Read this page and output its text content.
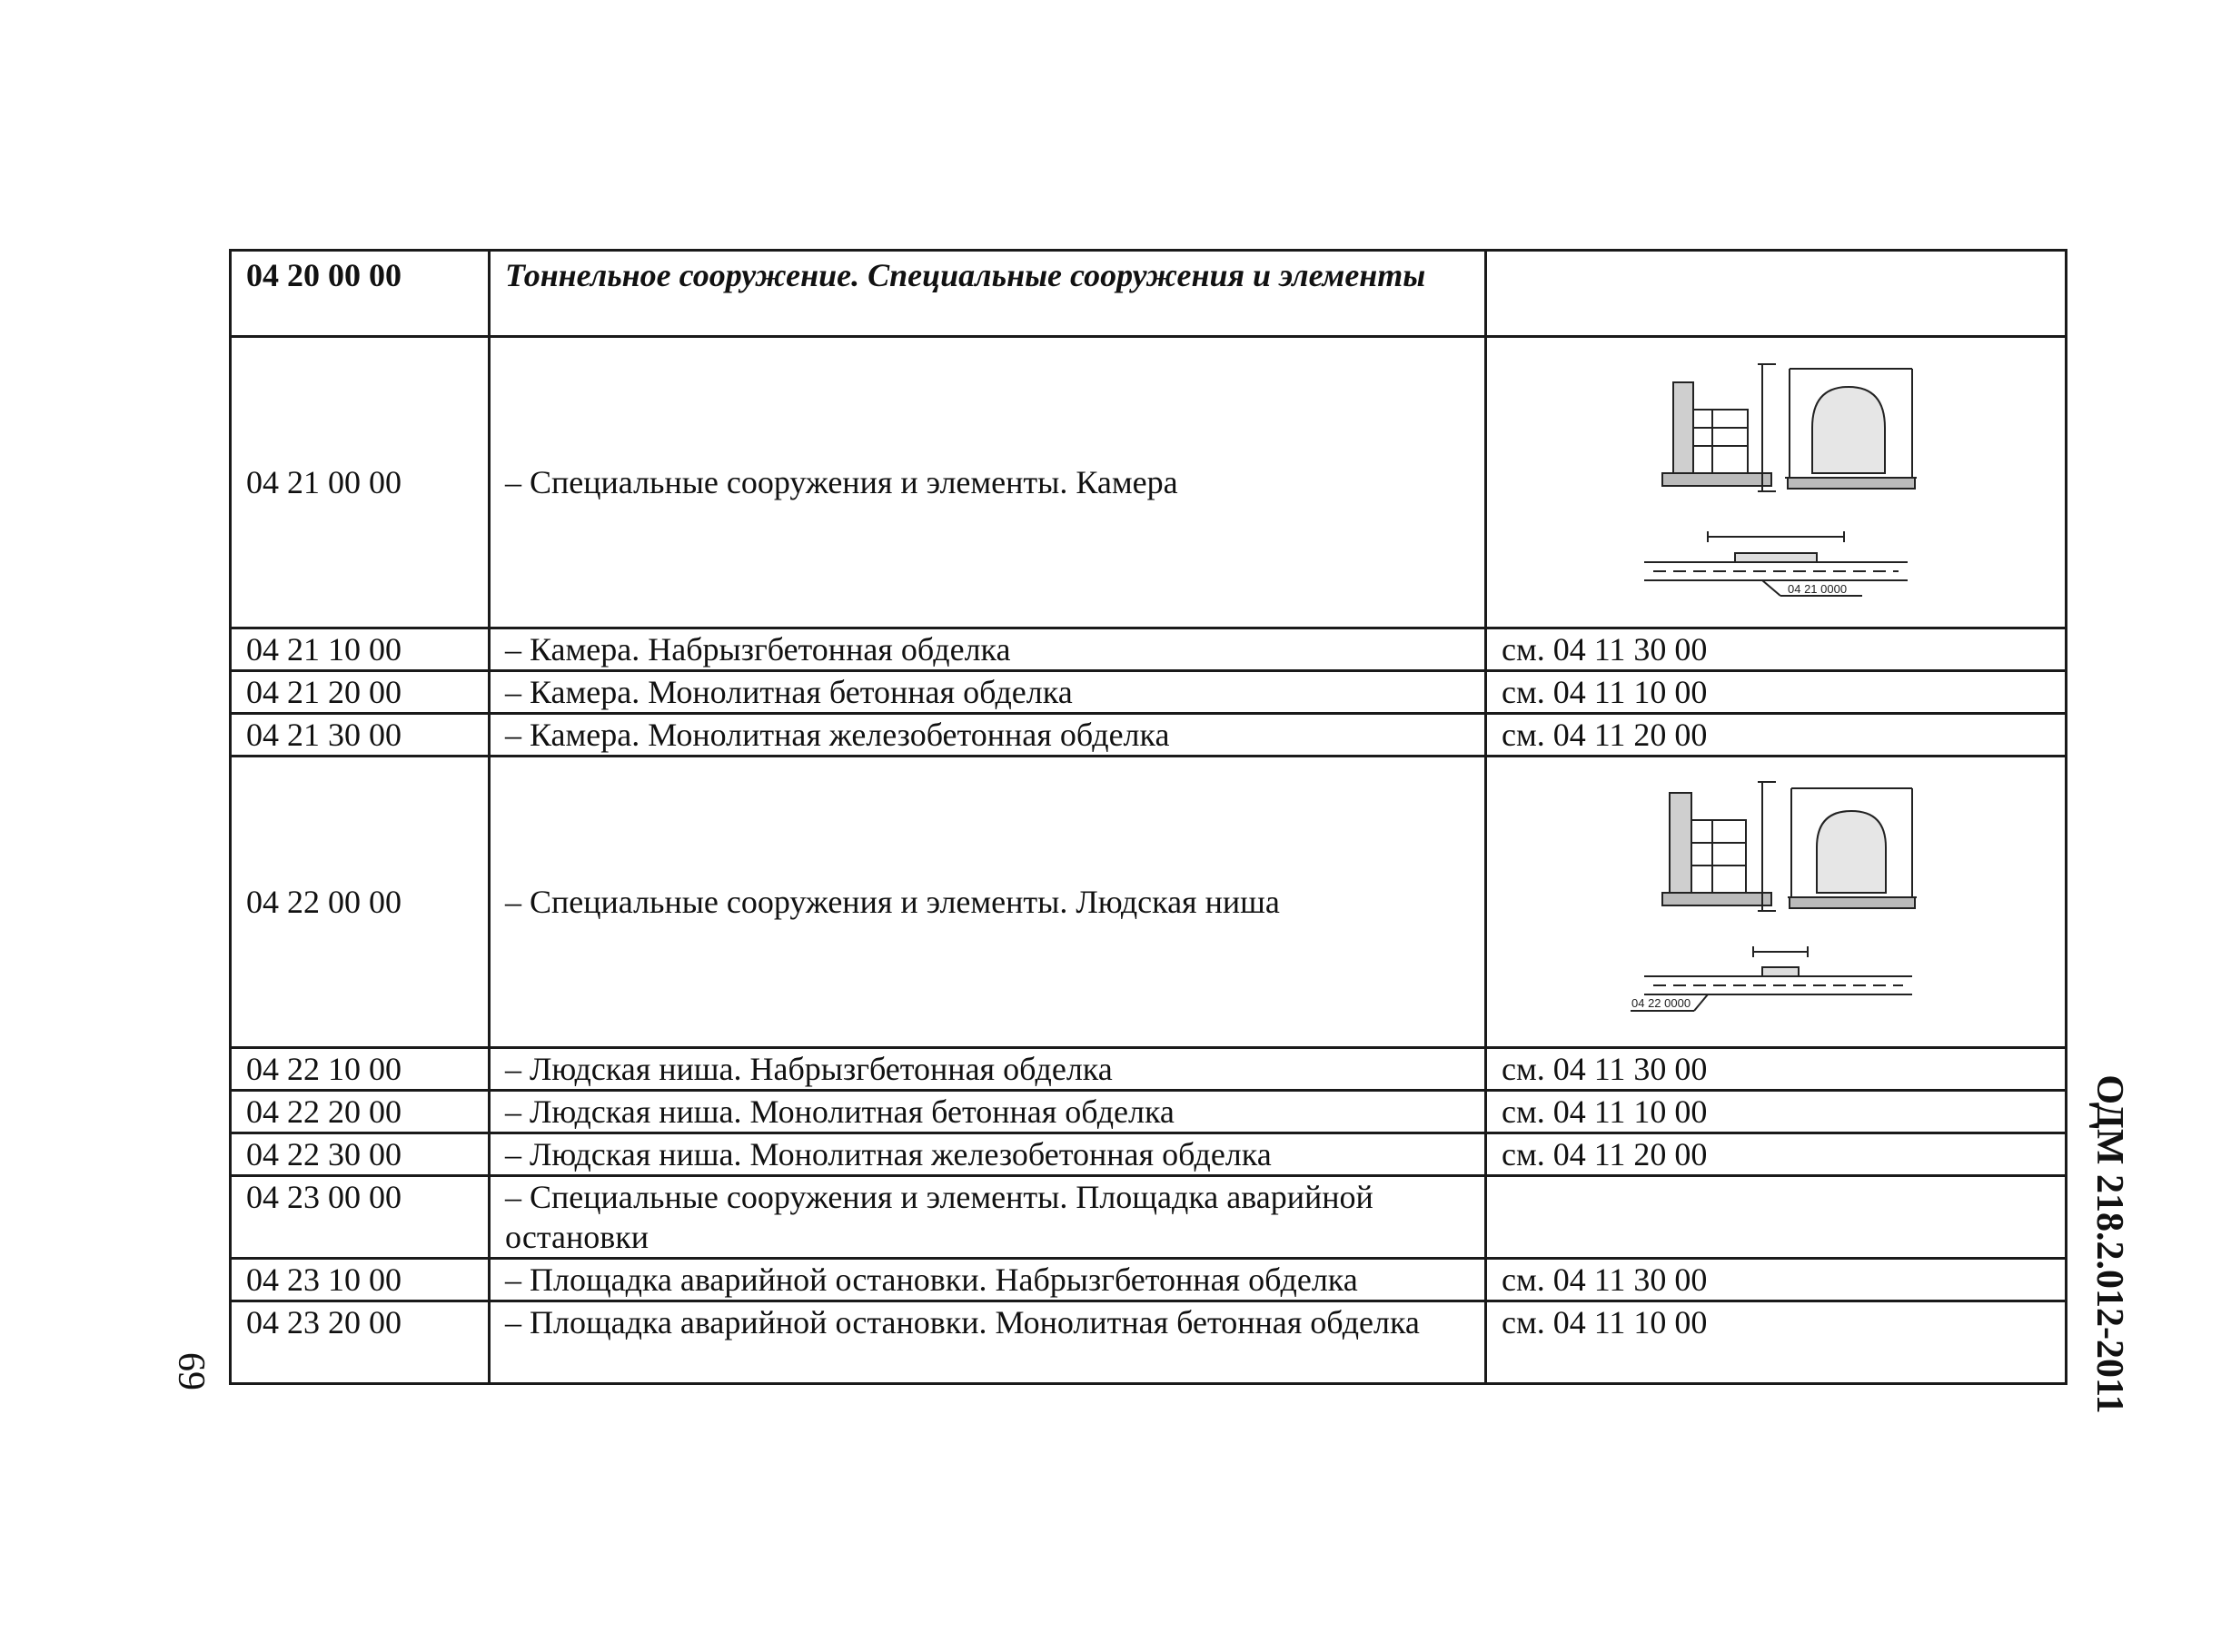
04 20 00 00	Тоннельное сооружение. Специальные сооружения и элементы	
04 21 00 00	– Специальные сооружения и элементы. Камера	04 21 0000

04 21 10 00	– Камера. Набрызгбетонная обделка	см. 04 11 30 00
04 21 20 00	– Камера. Монолитная бетонная обделка	см. 04 11 10 00
04 21 30 00	– Камера. Монолитная железобетонная обделка	см. 04 11 20 00
04 22 00 00	– Специальные сооружения и элементы. Людская ниша	04 22 0000

04 22 10 00	– Людская ниша. Набрызгбетонная обделка	см. 04 11 30 00
04 22 20 00	– Людская ниша. Монолитная бетонная обделка	см. 04 11 10 00
04 22 30 00	– Людская ниша. Монолитная железобетонная обделка	см. 04 11 20 00
04 23 00 00	– Специальные сооружения и элементы. Площадка аварийной остановки	
04 23 10 00	– Площадка аварийной остановки. Набрызгбетонная обделка	см. 04 11 30 00
04 23 20 00	– Площадка аварийной остановки. Монолитная бетонная обделка	см. 04 11 10 00	ОДМ 218.2.012-2011
69
